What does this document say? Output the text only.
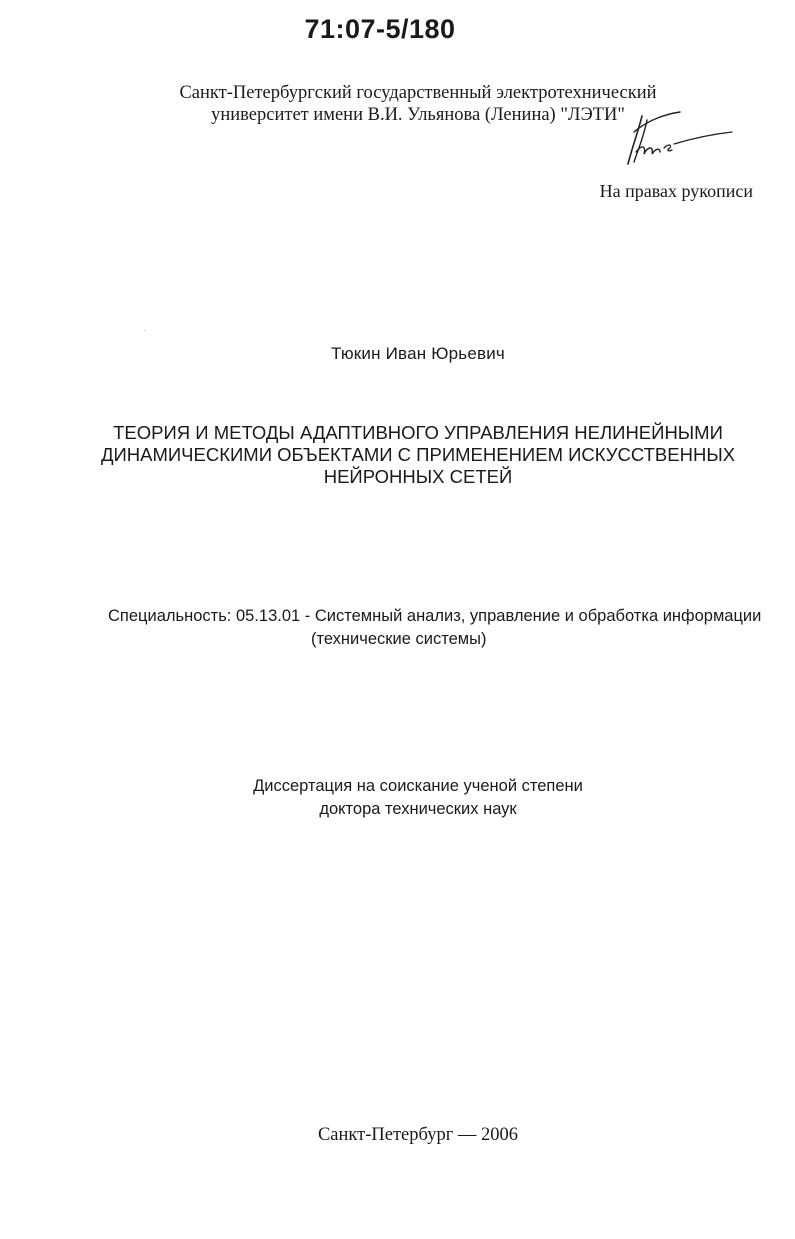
71:07-5/180
Санкт-Петербургский государственный электротехнический
университет имени В.И. Ульянова (Ленина) "ЛЭТИ"
На правах рукописи
Тюкин Иван Юрьевич
ТЕОРИЯ И МЕТОДЫ АДАПТИВНОГО УПРАВЛЕНИЯ НЕЛИНЕЙНЫМИ
ДИНАМИЧЕСКИМИ ОБЪЕКТАМИ С ПРИМЕНЕНИЕМ ИСКУССТВЕННЫХ
НЕЙРОННЫХ СЕТЕЙ
Специальность: 05.13.01 - Системный анализ, управление и обработка информации
(технические системы)
Диссертация на соискание ученой степени
доктора технических наук
Санкт-Петербург — 2006
